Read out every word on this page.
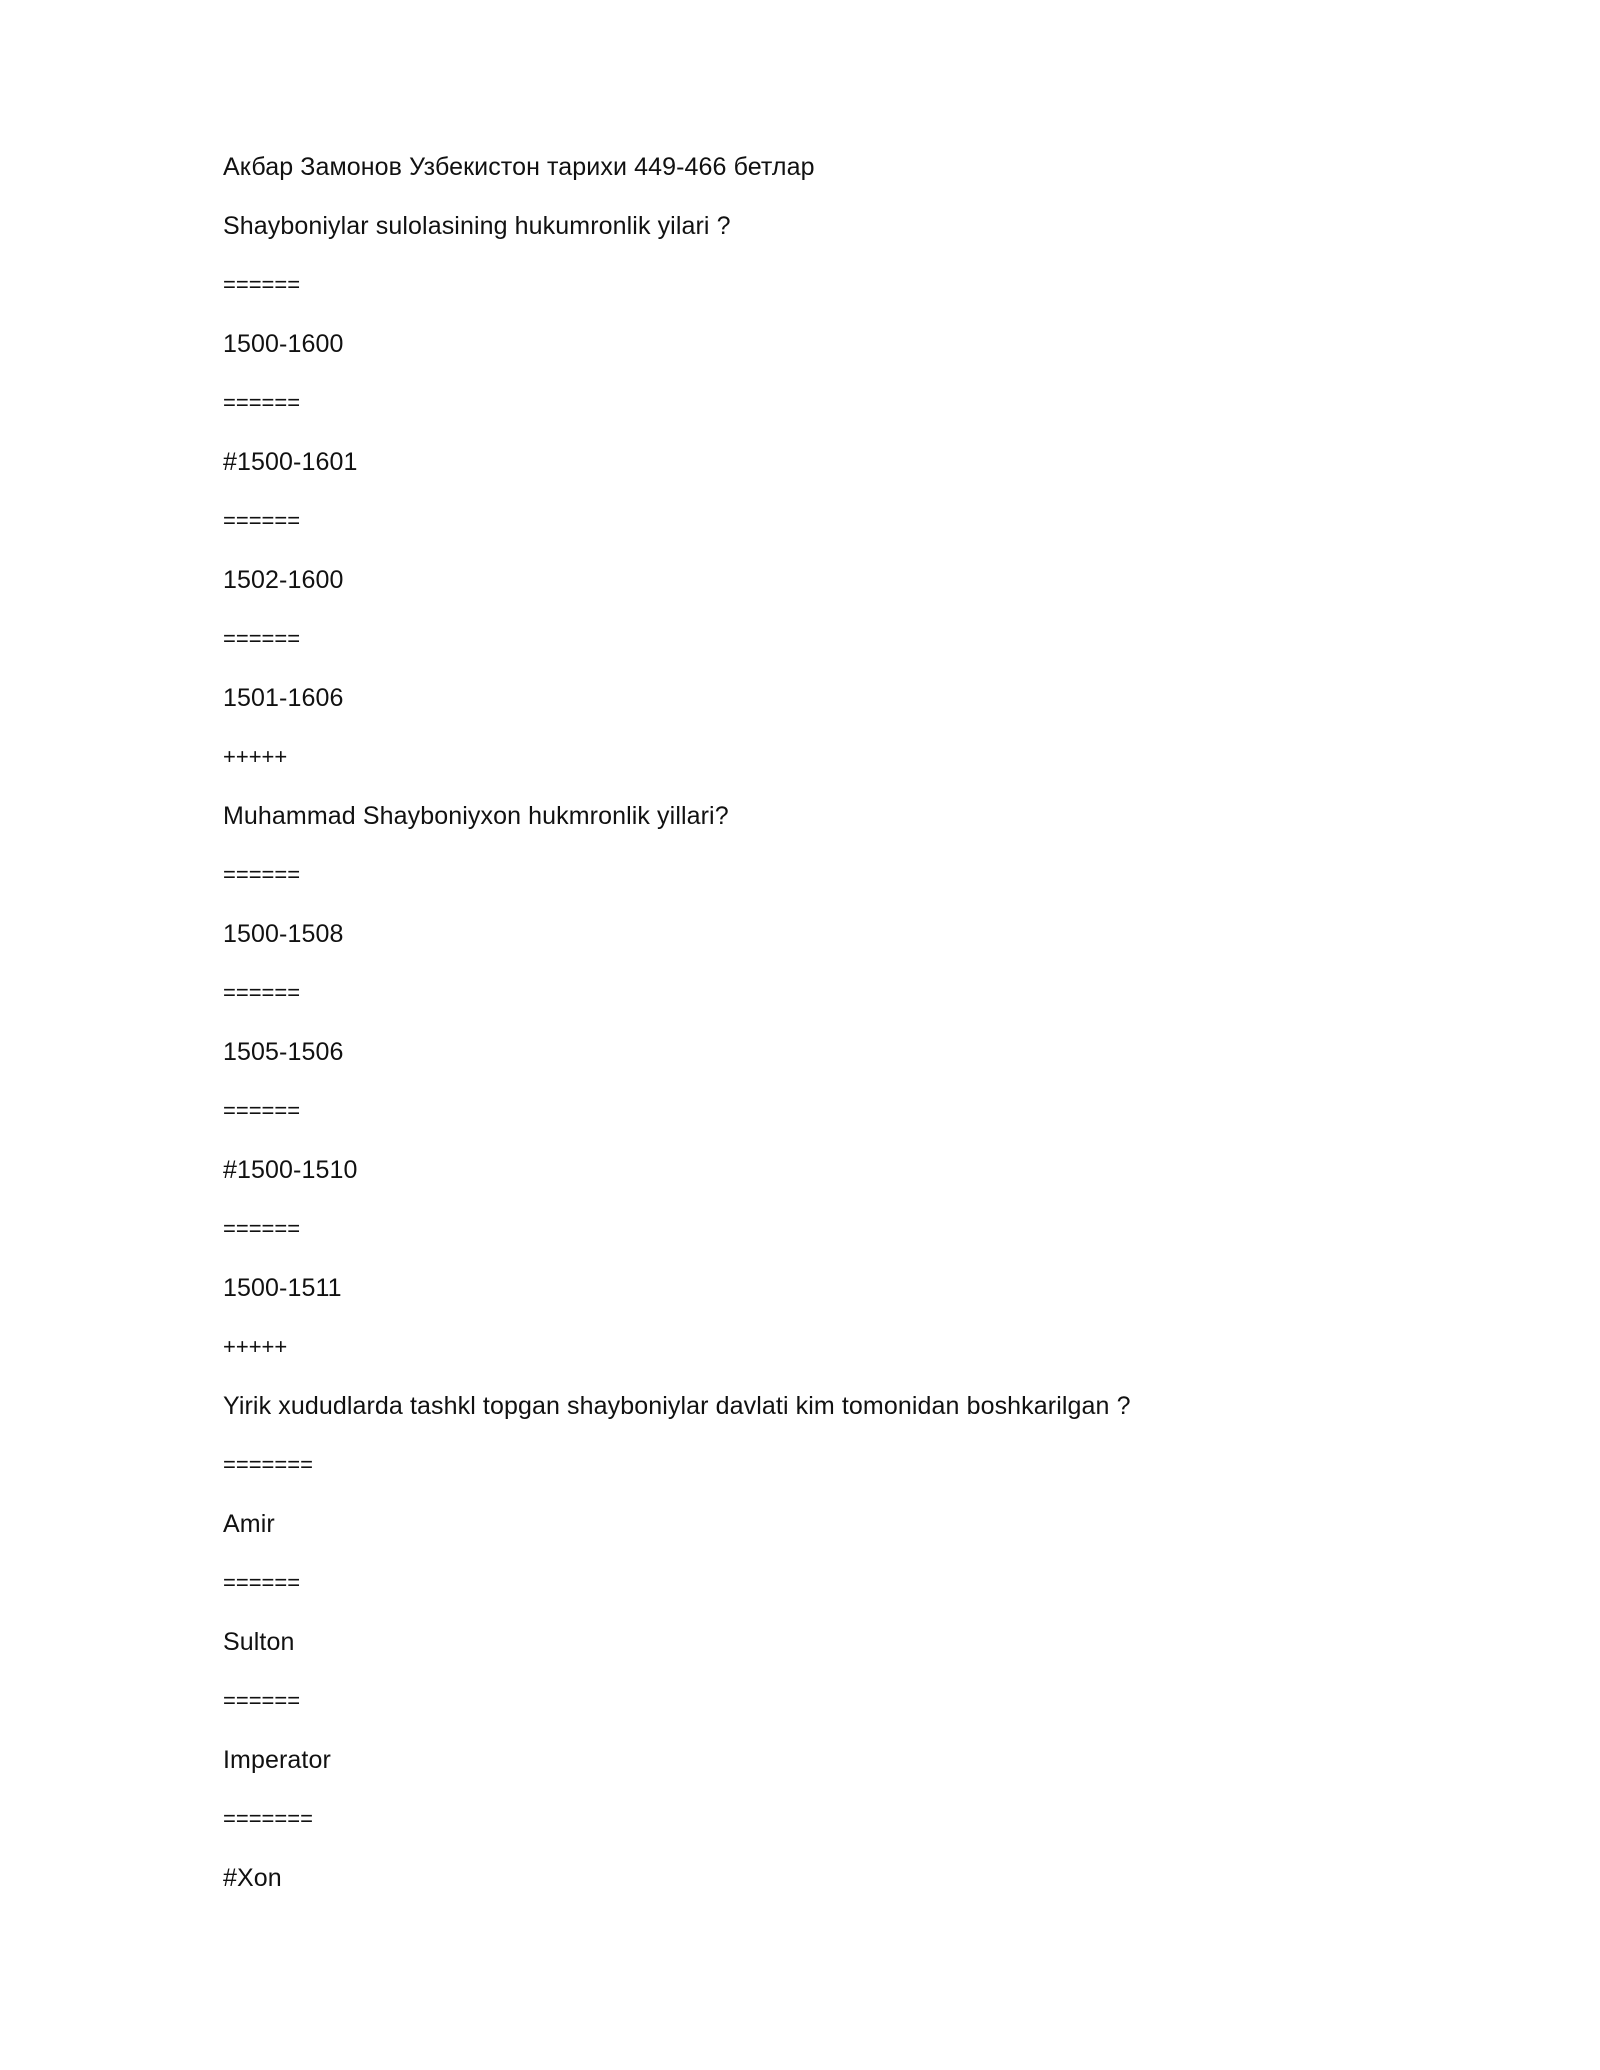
Акбар Замонов Узбекистон тарихи 449-466 бетлар
Shayboniylar sulolasining hukumronlik yilari ?
======
1500-1600
======
#1500-1601
======
1502-1600
======
1501-1606
+++++
Muhammad Shayboniyxon hukmronlik yillari?
======
1500-1508
======
1505-1506
======
#1500-1510
======
1500-1511
+++++
Yirik xududlarda tashkl topgan shayboniylar davlati kim tomonidan boshkarilgan ?
=======
Amir
======
Sulton
======
Imperator
=======
#Xon
